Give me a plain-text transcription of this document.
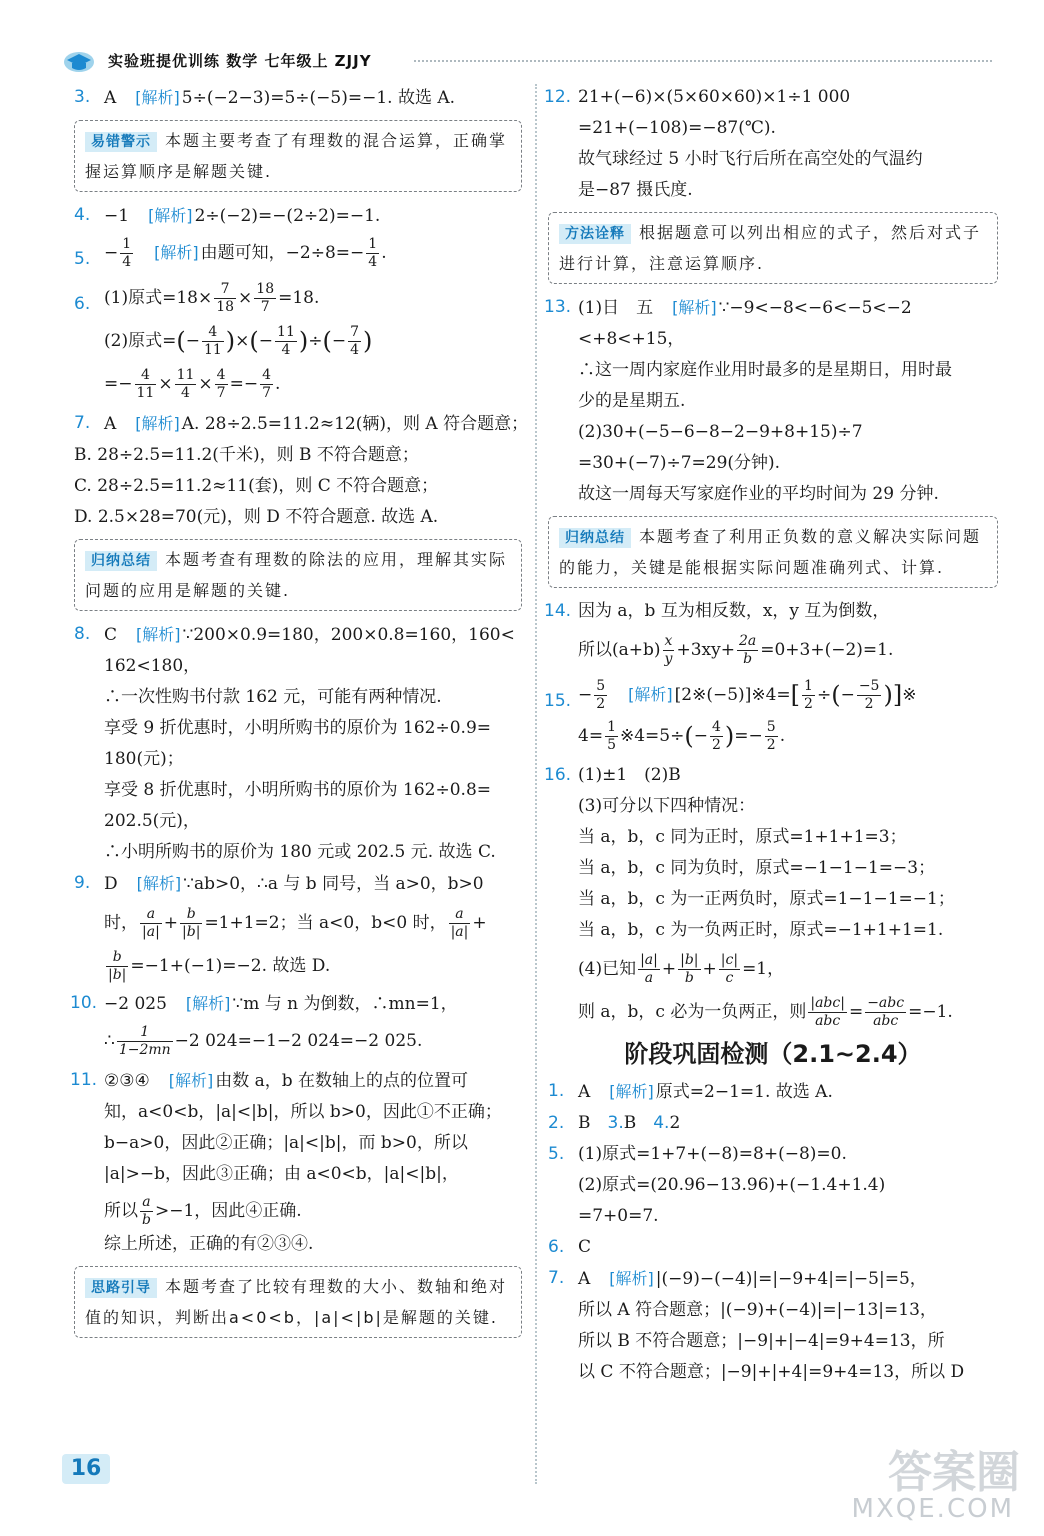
实验班提优训练 数学 七年级上 ZJJY
3. A　 [解析] 5÷(−2−3)=5÷(−5)=−1. 故选 A.
易错警示 本题主要考查了有理数的混合运算，正确掌握运算顺序是解题关键.
4. −1　 [解析] 2÷(−2)=−(2÷2)=−1.
5. − $\frac{1}{4}$
　 [解析] 由题可知，$-2\div 8=- \frac{1}{4}$ .
6. (1)原式$=18\times \frac{7}{18} \times \frac{18}{7} =18$.
(2)原式=(− $\frac{4}{11}$ )×(− $\frac{11}{4}$ )÷(− $\frac{7}{4}$ )
=− $\frac{4}{11} \times \frac{11}{4} \times \frac{4}{7} =- \frac{4}{7}$ .
7. A　 [解析] A. 28÷2.5=11.2≈12(辆)，则 A 符合题意；
B. 28÷2.5=11.2(千米)，则 B 不符合题意；
C. 28÷2.5=11.2≈11(套)，则 C 不符合题意；
D. 2.5×28=70(元)，则 D 不符合题意. 故选 A.
归纳总结 本题考查有理数的除法的应用，理解其实际问题的应用是解题的关键.
8. C　 [解析] ∵200×0.9=180，200×0.8=160，160<
162<180，
∴一次性购书付款 162 元，可能有两种情况.
享受 9 折优惠时，小明所购书的原价为 162÷0.9=
180(元)；
享受 8 折优惠时，小明所购书的原价为 162÷0.8=
202.5(元)，
∴小明所购书的原价为 180 元或 202.5 元. 故选 C.
9. D　 [解析] ∵ab>0，∴a 与 b 同号，当 a>0，b>0
时， $\frac{a}{|a|} + \frac{b}{|b|} =1+1=2$；当 a<0，b<0 时， $\frac{a}{|a|}$ +
$\frac{b}{|b|} =-1+(-1)=-2$. 故选 D.
10. −2 025　 [解析] ∵m 与 n 为倒数，∴mn=1，
∴ $\frac{1}{1-2mn} -2$ 024=−1−2 024=−2 025.
11. ②③④　 [解析] 由数 a，b 在数轴上的点的位置可
知，a<0<b，|a|<|b|，所以 b>0，因此①不正确；
b−a>0，因此②正确；|a|<|b|，而 b>0，所以
|a|>−b，因此③正确；由 a<0<b，|a|<|b|，
所以 $\frac{a}{b} >-1$，因此④正确.
综上所述，正确的有②③④.
思路引导 本题考查了比较有理数的大小、数轴和绝对值的知识，判断出a<0<b，|a|<|b|是解题的关键.
12. 21+(−6)×(5×60×60)×1÷1 000
=21+(−108)=−87(℃).
故气球经过 5 小时飞行后所在高空处的气温约
是−87 摄氏度.
方法诠释 根据题意可以列出相应的式子，然后对式子进行计算，注意运算顺序.
13. (1)日　五　 [解析] ∵−9<−8<−6<−5<−2
<+8<+15，
∴这一周内家庭作业用时最多的是星期日，用时最
少的是星期五.
(2)30+(−5−6−8−2−9+8+15)÷7
=30+(−7)÷7=29(分钟).
故这一周每天写家庭作业的平均时间为 29 分钟.
归纳总结 本题考查了利用正负数的意义解决实际问题的能力，关键是能根据实际问题准确列式、计算.
14. 因为 a，b 互为相反数，x，y 互为倒数，
所以$(a+b) \frac{x}{y} +3xy+ \frac{2a}{b} =0+3+(-2)=1$.
15. − $\frac{5}{2}$
　 [解析] [2※(−5)]※4=[ $\frac{1}{2}$ ÷(− $\frac{-5}{2}$ )]※
$4= \frac{1}{5}$ ※4=5÷(− $\frac{4}{2}$ )=− $\frac{5}{2}$ .
16. (1)±1　(2)B
(3)可分以下四种情况：
当 a，b，c 同为正时，原式=1+1+1=3；
当 a，b，c 同为负时，原式=−1−1−1=−3；
当 a，b，c 为一正两负时，原式=1−1−1=−1；
当 a，b，c 为一负两正时，原式=−1+1+1=1.
(4)已知 $\frac{|a|}{a} + \frac{|b|}{b} + \frac{|c|}{c} =1$，
则 a，b，c 必为一负两正，则 $\frac{\text{|abc|}}{\text{abc}} = \frac{\text{−abc}}{\text{abc}} =-1$.
阶段巩固检测（2.1~2.4）
1. A　 [解析] 原式=2−1=1. 故选 A.
2. B　3.B　4.2
5. (1)原式=1+7+(−8)=8+(−8)=0.
(2)原式=(20.96−13.96)+(−1.4+1.4)
=7+0=7.
6. C
7. A　 [解析] |(−9)−(−4)|=|−9+4|=|−5|=5，
所以 A 符合题意；|(−9)+(−4)|=|−13|=13，
所以 B 不符合题意；|−9|+|−4|=9+4=13，所
以 C 不符合题意；|−9|+|+4|=9+4=13，所以 D
16	答案圈
MXQE.COM
